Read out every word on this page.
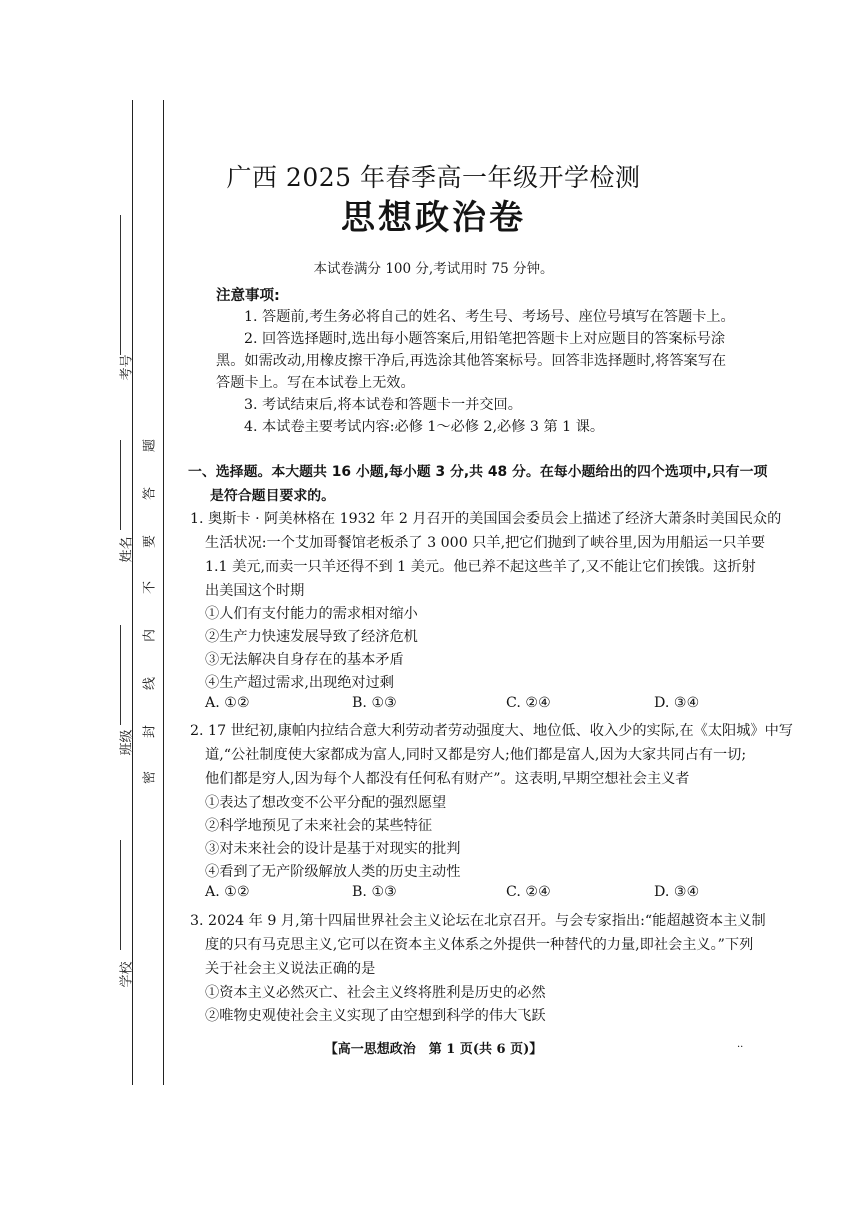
考号
姓名
班级
学校
题
答
要
不
内
线
封
密
广西 2025 年春季高一年级开学检测
思想政治卷
本试卷满分 100 分,考试用时 75 分钟。
注意事项:
1. 答题前,考生务必将自己的姓名、考生号、考场号、座位号填写在答题卡上。
2. 回答选择题时,选出每小题答案后,用铅笔把答题卡上对应题目的答案标号涂
黑。如需改动,用橡皮擦干净后,再选涂其他答案标号。回答非选择题时,将答案写在
答题卡上。写在本试卷上无效。
3. 考试结束后,将本试卷和答题卡一并交回。
4. 本试卷主要考试内容:必修 1～必修 2,必修 3 第 1 课。
一、选择题。本大题共 16 小题,每小题 3 分,共 48 分。在每小题给出的四个选项中,只有一项
是符合题目要求的。
1. 奥斯卡 · 阿美林格在 1932 年 2 月召开的美国国会委员会上描述了经济大萧条时美国民众的
生活状况:一个艾加哥餐馆老板杀了 3 000 只羊,把它们抛到了峡谷里,因为用船运一只羊要
1.1 美元,而卖一只羊还得不到 1 美元。他已养不起这些羊了,又不能让它们挨饿。这折射
出美国这个时期
①人们有支付能力的需求相对缩小
②生产力快速发展导致了经济危机
③无法解决自身存在的基本矛盾
④生产超过需求,出现绝对过剩
A. ①②	B. ①③	C. ②④	D. ③④
2. 17 世纪初,康帕内拉结合意大利劳动者劳动强度大、地位低、收入少的实际,在《太阳城》中写
道,“公社制度使大家都成为富人,同时又都是穷人;他们都是富人,因为大家共同占有一切;
他们都是穷人,因为每个人都没有任何私有财产”。这表明,早期空想社会主义者
①表达了想改变不公平分配的强烈愿望
②科学地预见了未来社会的某些特征
③对未来社会的设计是基于对现实的批判
④看到了无产阶级解放人类的历史主动性
A. ①②	B. ①③	C. ②④	D. ③④
3. 2024 年 9 月,第十四届世界社会主义论坛在北京召开。与会专家指出:“能超越资本主义制
度的只有马克思主义,它可以在资本主义体系之外提供一种替代的力量,即社会主义。”下列
关于社会主义说法正确的是
①资本主义必然灭亡、社会主义终将胜利是历史的必然
②唯物史观使社会主义实现了由空想到科学的伟大飞跃
【高一思想政治　第 1 页(共 6 页)】	··
